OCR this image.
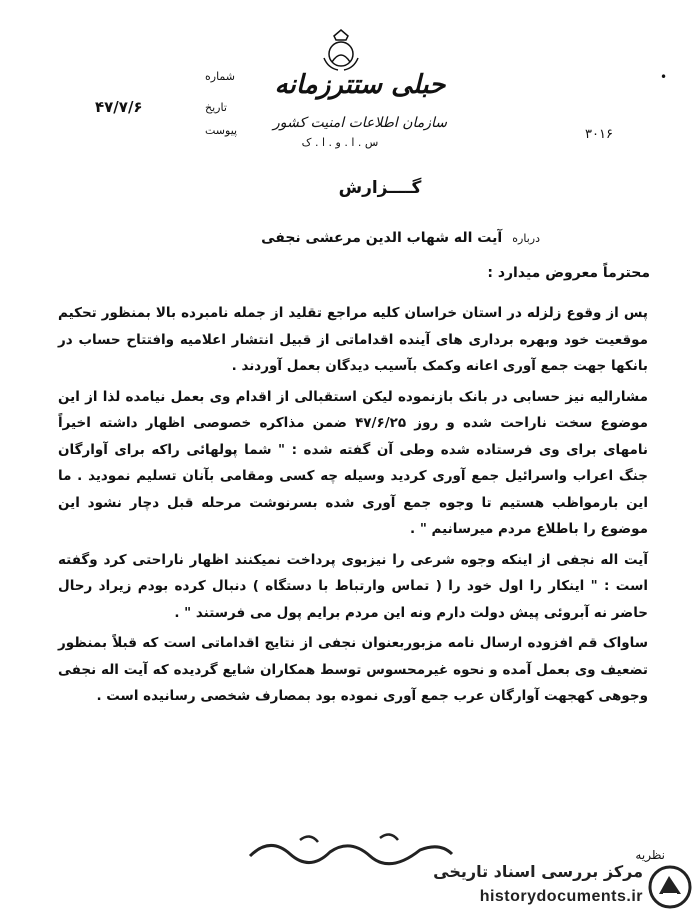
حبلی ستترزمانه
سازمان اطلاعات امنیت کشور
س . ا . و . ا . ک
شماره
تاریخ
۴۷/۷/۶
پیوست	۳۰۱۶
•
گــــزارش
درباره آیت اله شهاب الدین مرعشی نجفی
محترماً معروض میدارد :

پس از وقوع زلزله در استان خراسان کلیه مراجع تقلید از جمله نامبرده بالا بمنظور تحکیم موقعیت خود وبهره برداری های آینده اقداماتی از قبیل انتشار اعلامیه وافتتاح حساب در بانکها جهت جمع آوری اعانه وکمک بآسیب دیدگان بعمل آوردند .

مشارالیه نیز حسابی در بانک بازنموده لیکن استقبالی از اقدام وی بعمل نیامده لذا از این موضوع سخت ناراحت شده و روز ۴۷/۶/۲۵ ضمن مذاکره خصوصی اظهار داشته اخیراً نامهای برای وی فرستاده شده وطی آن گفته شده : " شما پولهائی راکه برای آوارگان جنگ اعراب واسرائیل جمع آوری کردید وسیله چه کسی ومقامی بآنان تسلیم نمودید . ما این بارمواظب هستیم تا وجوه جمع آوری شده بسرنوشت مرحله قبل دچار نشود این موضوع را باطلاع مردم میرسانیم " .

آیت اله نجفی از اینکه وجوه شرعی را نیزبوی پرداخت نمیکنند اظهار ناراحتی کرد وگفته است : " اینکار را اول خود را ( تماس وارتباط با دستگاه ) دنبال کرده بودم زیراد رحال حاضر نه آبروئی پیش دولت دارم ونه این مردم برایم پول می فرستند " .

ساواک قم افزوده ارسال نامه مزبوربعنوان نجفی از نتایج اقداماتی است که قبلاً بمنظور تضعیف وی بعمل آمده و نحوه غیرمحسوس توسط همکاران شایع گردیده که آیت اله نجفی وجوهی کهجهت آوارگان عرب جمع آوری نموده بود بمصارف شخصی رسانیده است .

نظریه
مرکز بررسی اسناد تاریخی
historydocuments.ir
